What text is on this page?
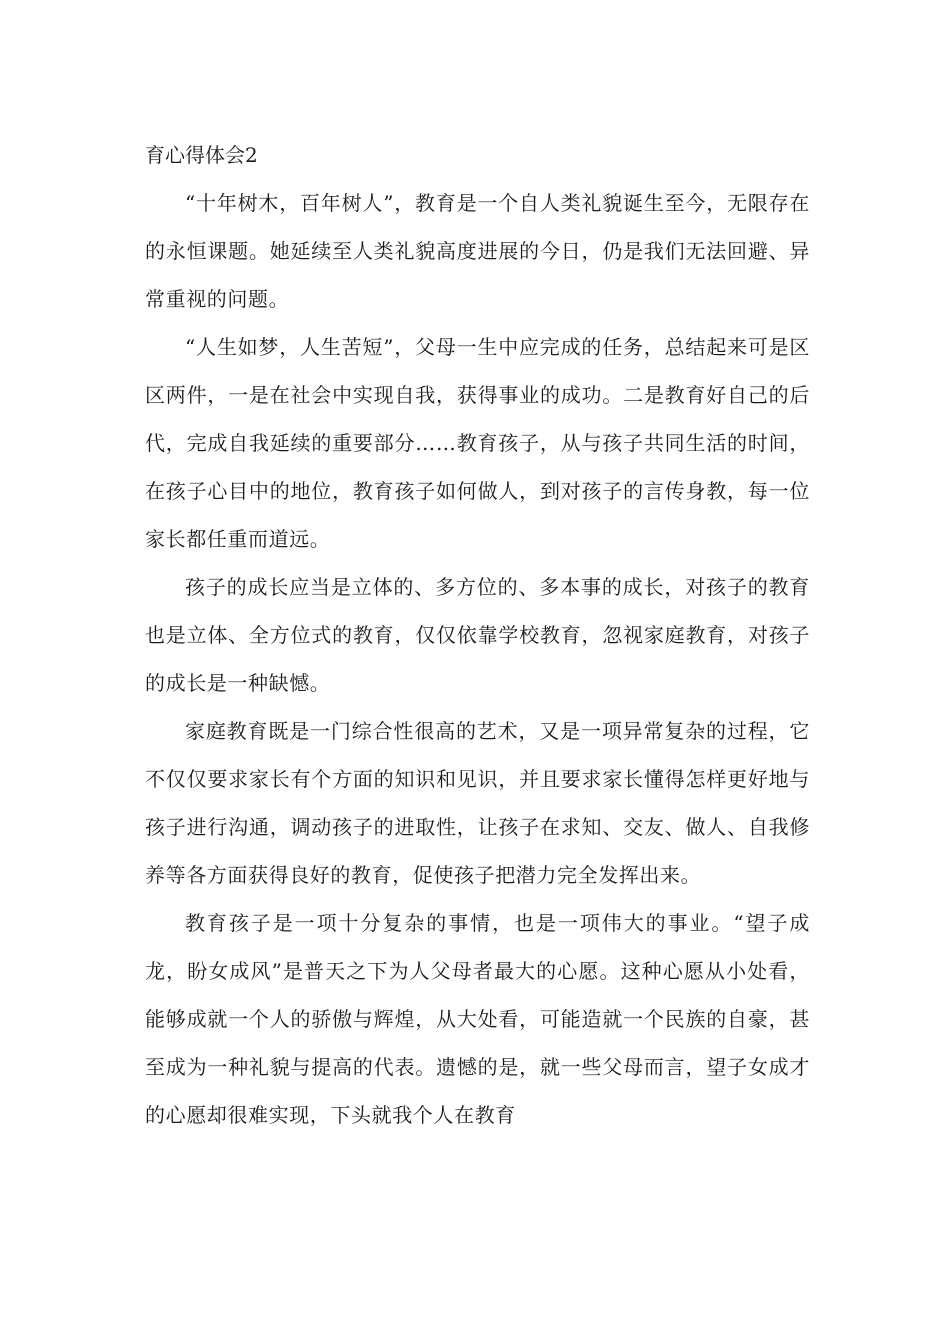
育心得体会2

“十年树木，百年树人”，教育是一个自人类礼貌诞生至今，无限存在的永恒课题。她延续至人类礼貌高度进展的今日，仍是我们无法回避、异常重视的问题。

“人生如梦，人生苦短”，父母一生中应完成的任务，总结起来可是区区两件，一是在社会中实现自我，获得事业的成功。二是教育好自己的后代，完成自我延续的重要部分……教育孩子，从与孩子共同生活的时间，在孩子心目中的地位，教育孩子如何做人，到对孩子的言传身教，每一位家长都任重而道远。

孩子的成长应当是立体的、多方位的、多本事的成长，对孩子的教育也是立体、全方位式的教育，仅仅依靠学校教育，忽视家庭教育，对孩子的成长是一种缺憾。

家庭教育既是一门综合性很高的艺术，又是一项异常复杂的过程，它不仅仅要求家长有个方面的知识和见识，并且要求家长懂得怎样更好地与孩子进行沟通，调动孩子的进取性，让孩子在求知、交友、做人、自我修养等各方面获得良好的教育，促使孩子把潜力完全发挥出来。

教育孩子是一项十分复杂的事情，也是一项伟大的事业。“望子成龙，盼女成风”是普天之下为人父母者最大的心愿。这种心愿从小处看，能够成就一个人的骄傲与辉煌，从大处看，可能造就一个民族的自豪，甚至成为一种礼貌与提高的代表。遗憾的是，就一些父母而言，望子女成才的心愿却很难实现，下头就我个人在教育
